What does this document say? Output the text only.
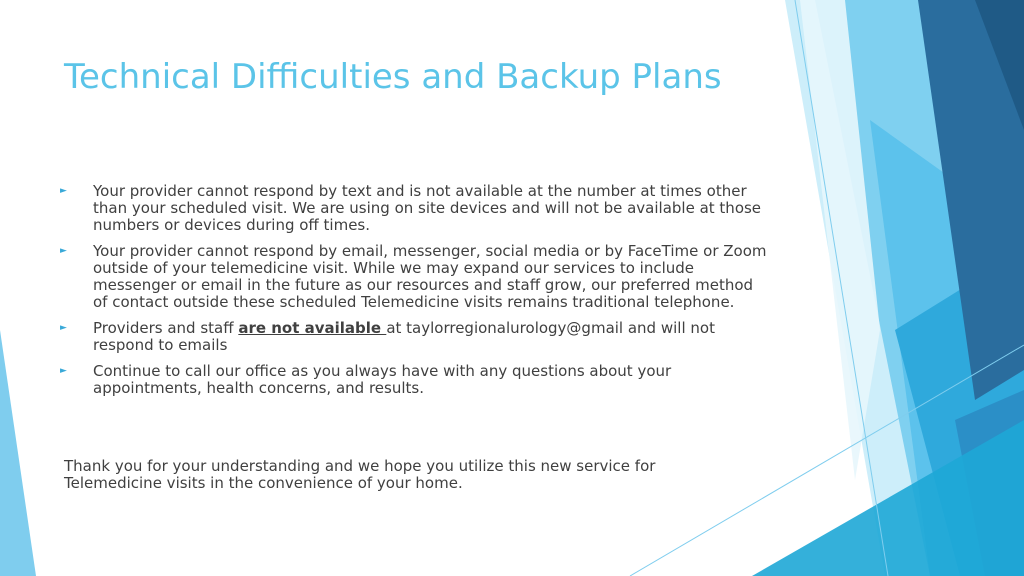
Technical Difficulties and Backup Plans
► Your provider cannot respond by text and is not available at the number at times other than your scheduled visit. We are using on site devices and will not be available at those numbers or devices during off times.
► Your provider cannot respond by email, messenger, social media or by FaceTime or Zoom outside of your telemedicine visit. While we may expand our services to include messenger or email in the future as our resources and staff grow, our preferred method of contact outside these scheduled Telemedicine visits remains traditional telephone.
► Providers and staff are not available at taylorregionalurology@gmail and will not respond to emails
► Continue to call our office as you always have with any questions about your appointments, health concerns, and results.

Thank you for your understanding and we hope you utilize this new service for Telemedicine visits in the convenience of your home.
